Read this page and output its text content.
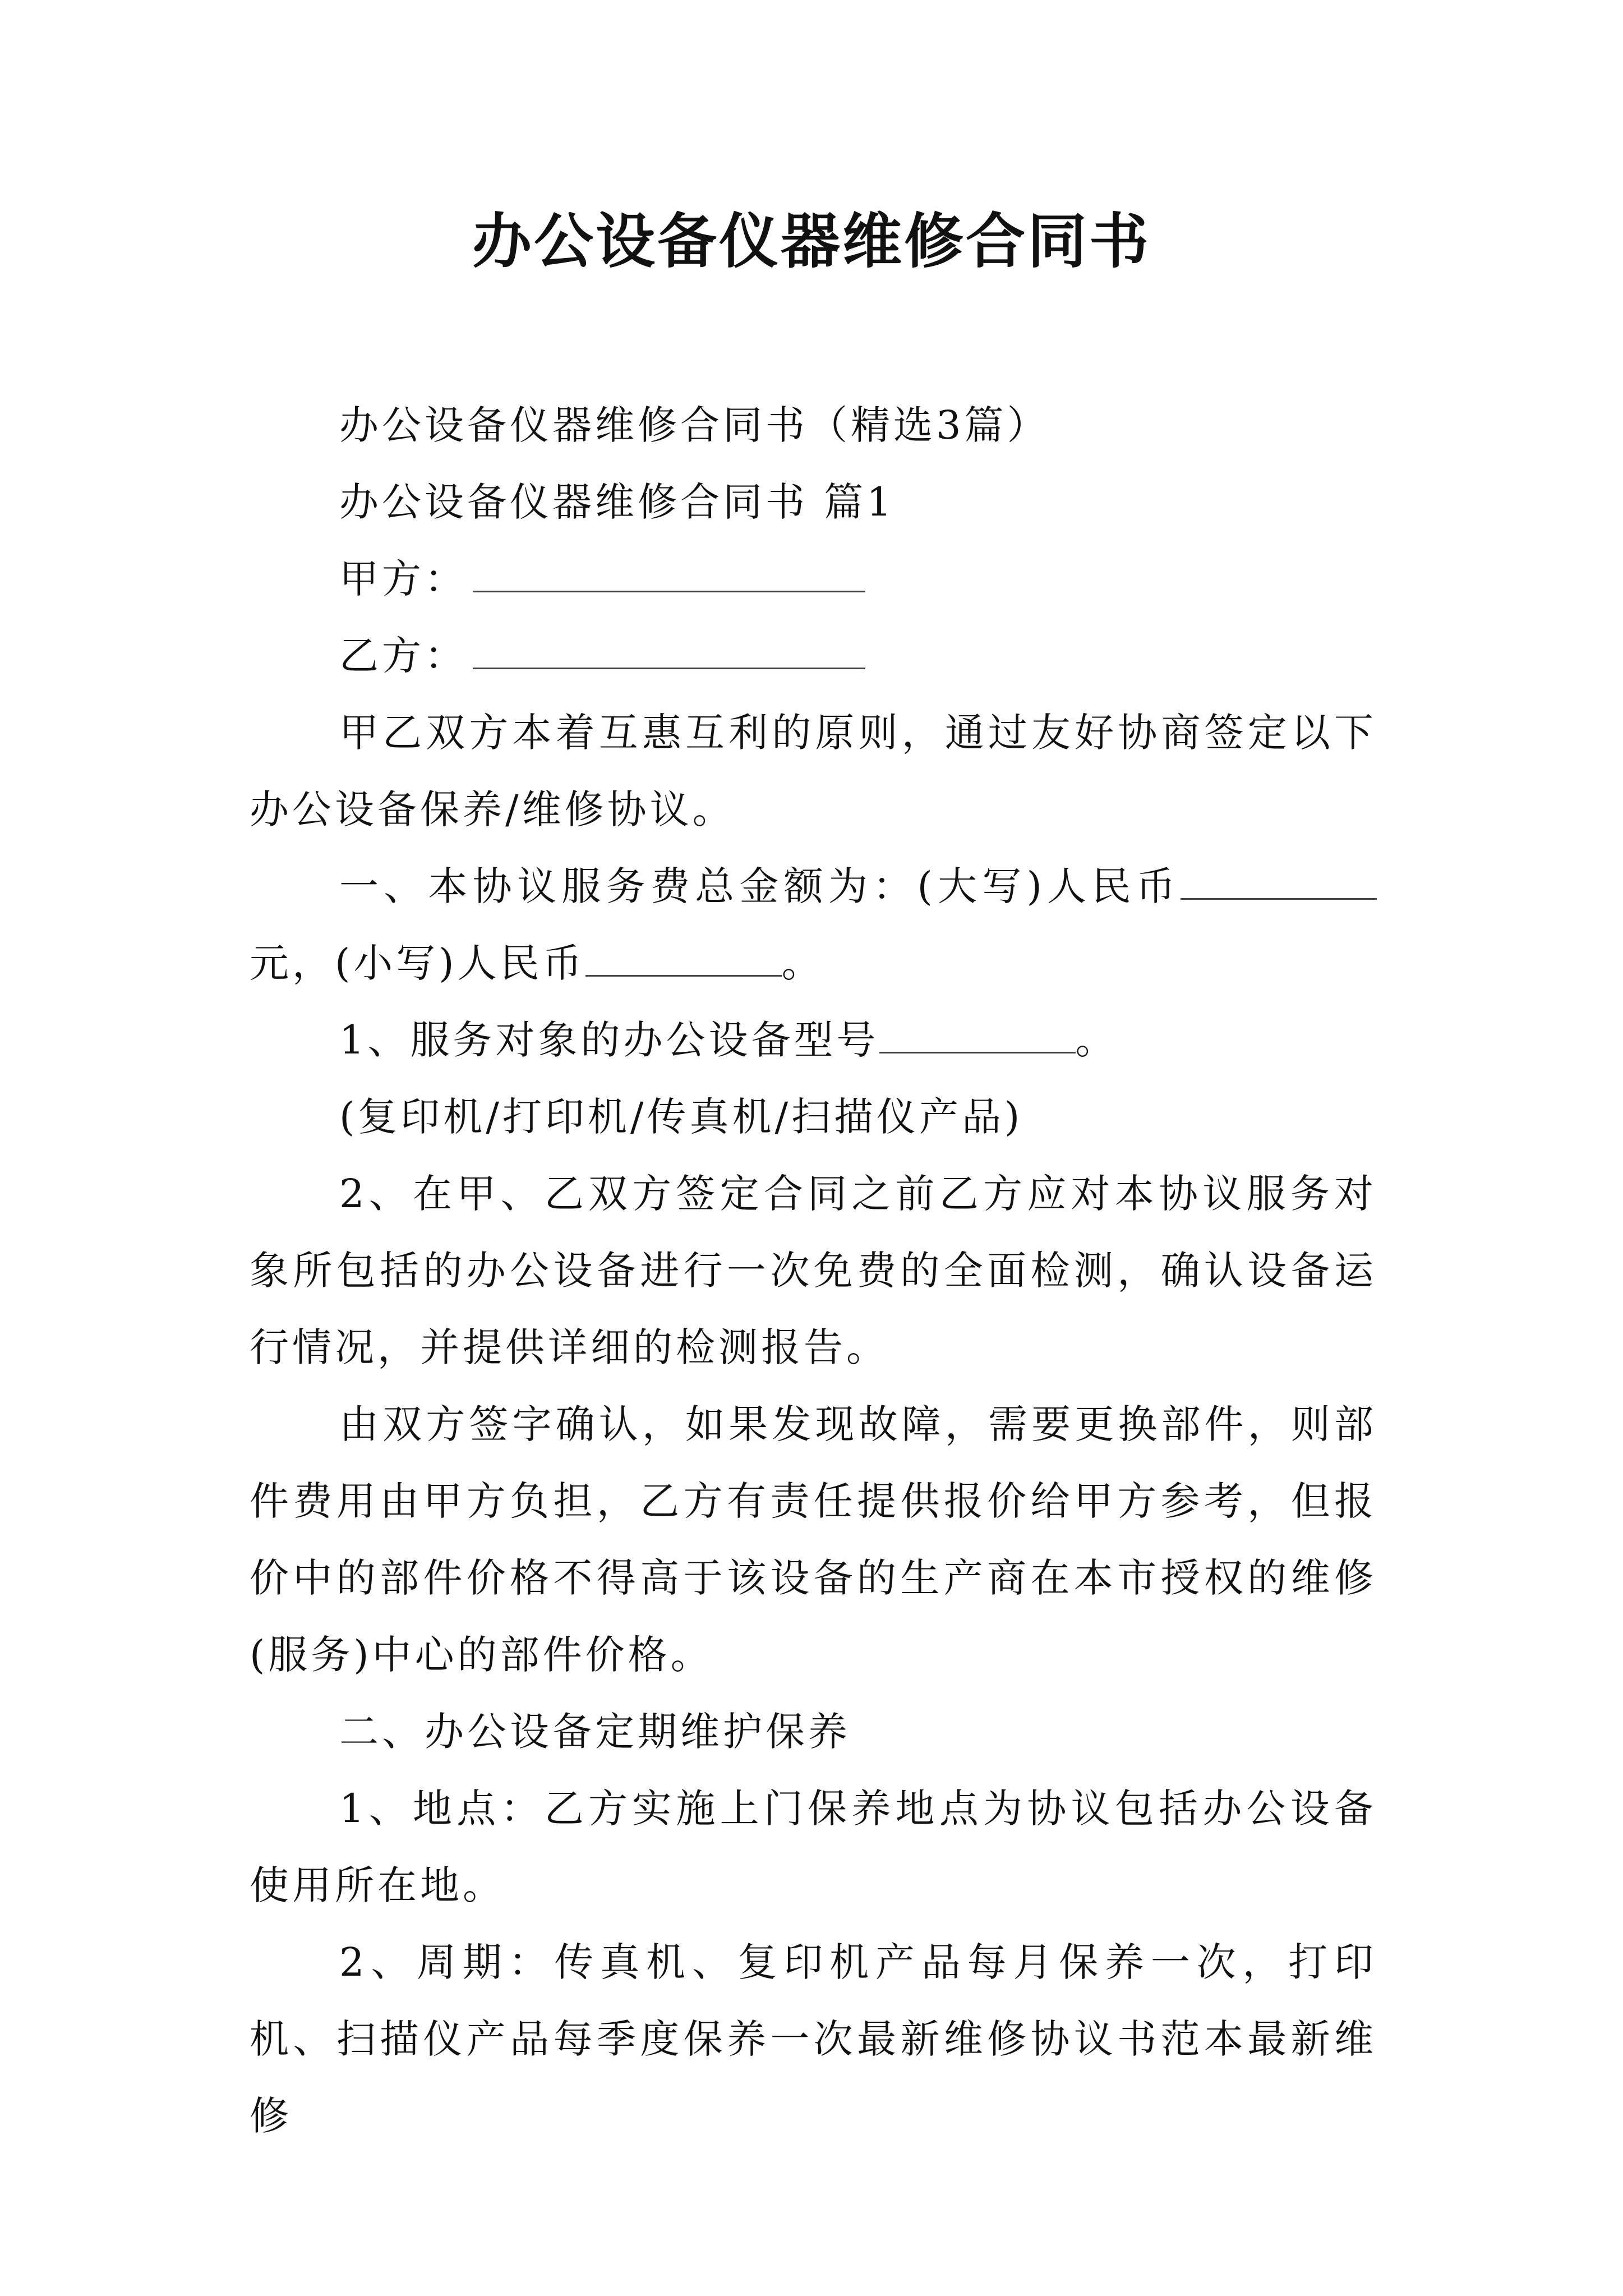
办公设备仪器维修合同书

办公设备仪器维修合同书（精选3篇）

办公设备仪器维修合同书 篇1

甲方：

乙方：

甲乙双方本着互惠互利的原则，通过友好协商签定以下办公设备保养/维修协议。

一、本协议服务费总金额为：(大写)人民币元，(小写)人民币	。

1、服务对象的办公设备型号	。

(复印机/打印机/传真机/扫描仪产品)

2、在甲、乙双方签定合同之前乙方应对本协议服务对象所包括的办公设备进行一次免费的全面检测，确认设备运行情况，并提供详细的检测报告。

由双方签字确认，如果发现故障，需要更换部件，则部件费用由甲方负担，乙方有责任提供报价给甲方参考，但报价中的部件价格不得高于该设备的生产商在本市授权的维修(服务)中心的部件价格。

二、办公设备定期维护保养

1、地点：乙方实施上门保养地点为协议包括办公设备使用所在地。

2、周期：传真机、复印机产品每月保养一次，打印机、扫描仪产品每季度保养一次最新维修协议书范本最新维修
